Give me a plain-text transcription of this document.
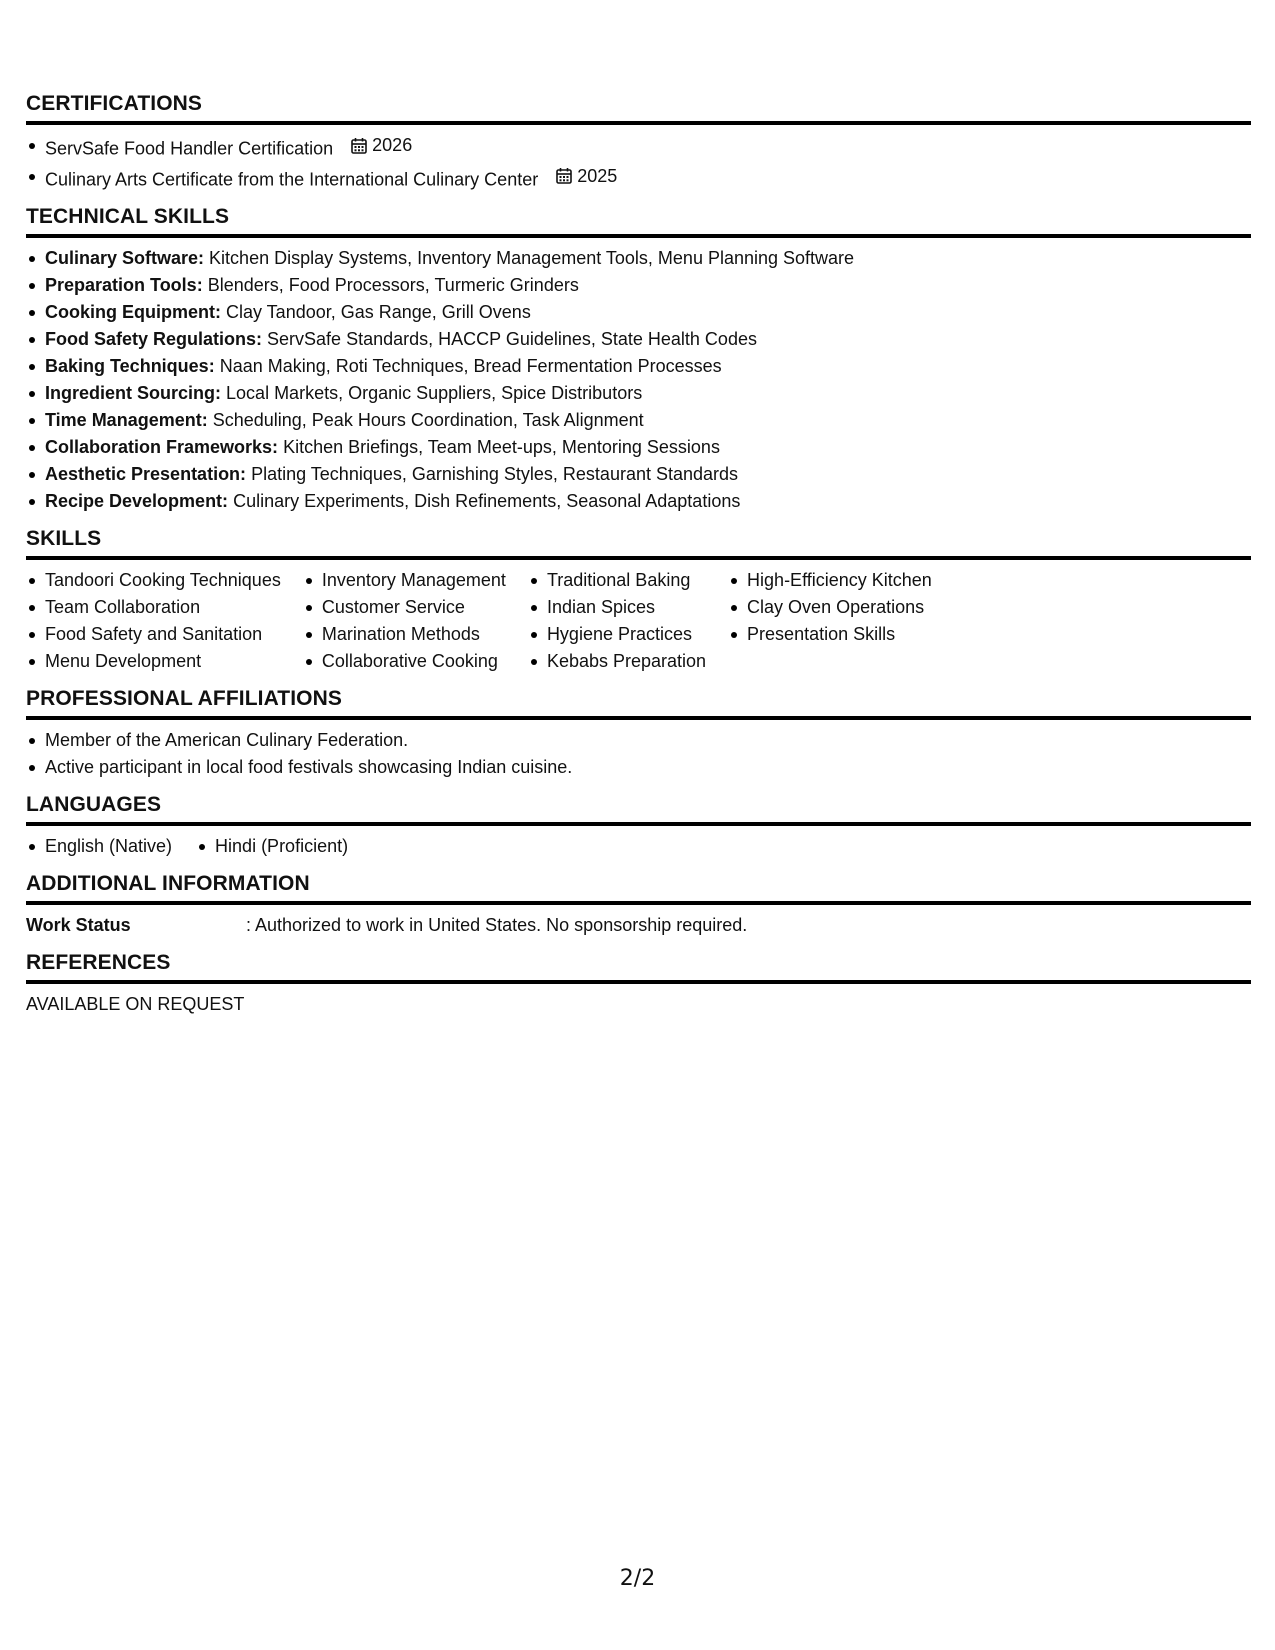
CERTIFICATIONS
ServSafe Food Handler Certification 2026
Culinary Arts Certificate from the International Culinary Center 2025
TECHNICAL SKILLS
Culinary Software: Kitchen Display Systems, Inventory Management Tools, Menu Planning Software
Preparation Tools: Blenders, Food Processors, Turmeric Grinders
Cooking Equipment: Clay Tandoor, Gas Range, Grill Ovens
Food Safety Regulations: ServSafe Standards, HACCP Guidelines, State Health Codes
Baking Techniques: Naan Making, Roti Techniques, Bread Fermentation Processes
Ingredient Sourcing: Local Markets, Organic Suppliers, Spice Distributors
Time Management: Scheduling, Peak Hours Coordination, Task Alignment
Collaboration Frameworks: Kitchen Briefings, Team Meet-ups, Mentoring Sessions
Aesthetic Presentation: Plating Techniques, Garnishing Styles, Restaurant Standards
Recipe Development: Culinary Experiments, Dish Refinements, Seasonal Adaptations
SKILLS
Tandoori Cooking Techniques
Team Collaboration
Food Safety and Sanitation
Menu Development
Inventory Management
Customer Service
Marination Methods
Collaborative Cooking
Traditional Baking
Indian Spices
Hygiene Practices
Kebabs Preparation
High-Efficiency Kitchen
Clay Oven Operations
Presentation Skills
PROFESSIONAL AFFILIATIONS
Member of the American Culinary Federation.
Active participant in local food festivals showcasing Indian cuisine.
LANGUAGES
English (Native)	Hindi (Proficient)
ADDITIONAL INFORMATION
Work Status	: Authorized to work in United States. No sponsorship required.
REFERENCES
AVAILABLE ON REQUEST
2/2
